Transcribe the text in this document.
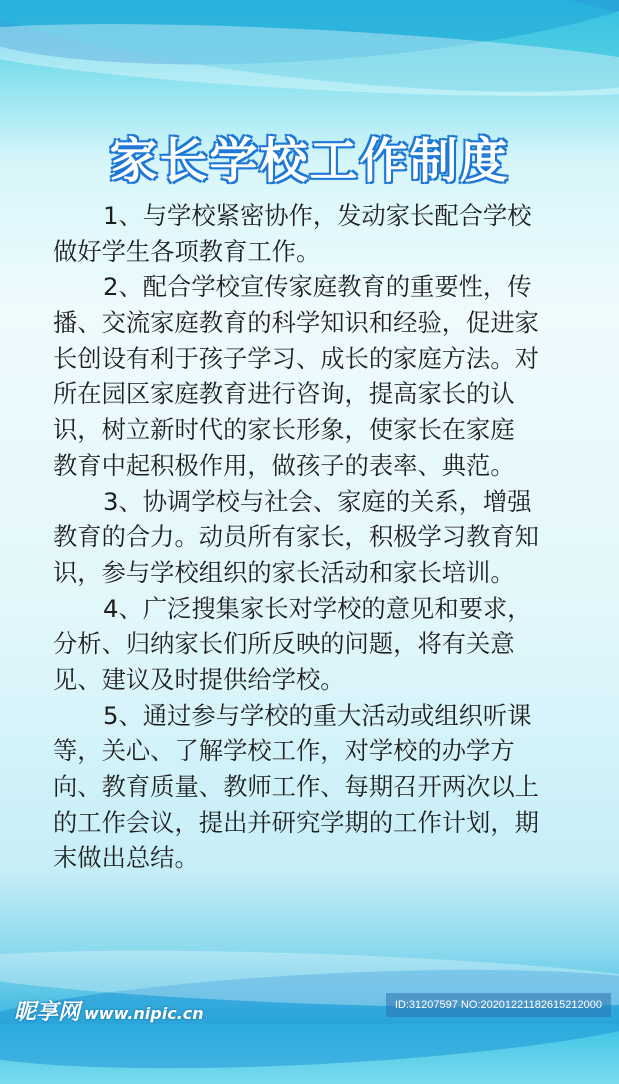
家长学校工作制度
1、与学校紧密协作，发动家长配合学校
做好学生各项教育工作。
2、配合学校宣传家庭教育的重要性，传
播、交流家庭教育的科学知识和经验，促进家
长创设有利于孩子学习、成长的家庭方法。对
所在园区家庭教育进行咨询，提高家长的认
识，树立新时代的家长形象，使家长在家庭
教育中起积极作用，做孩子的表率、典范。
3、协调学校与社会、家庭的关系，增强
教育的合力。动员所有家长，积极学习教育知
识，参与学校组织的家长活动和家长培训。
4、广泛搜集家长对学校的意见和要求，
分析、归纳家长们所反映的问题，将有关意
见、建议及时提供给学校。
5、通过参与学校的重大活动或组织听课
等，关心、了解学校工作，对学校的办学方
向、教育质量、教师工作、每期召开两次以上
的工作会议，提出并研究学期的工作计划，期
末做出总结。
昵享网 www.nipic.cn	ID:31207597 NO:20201221182615212000
